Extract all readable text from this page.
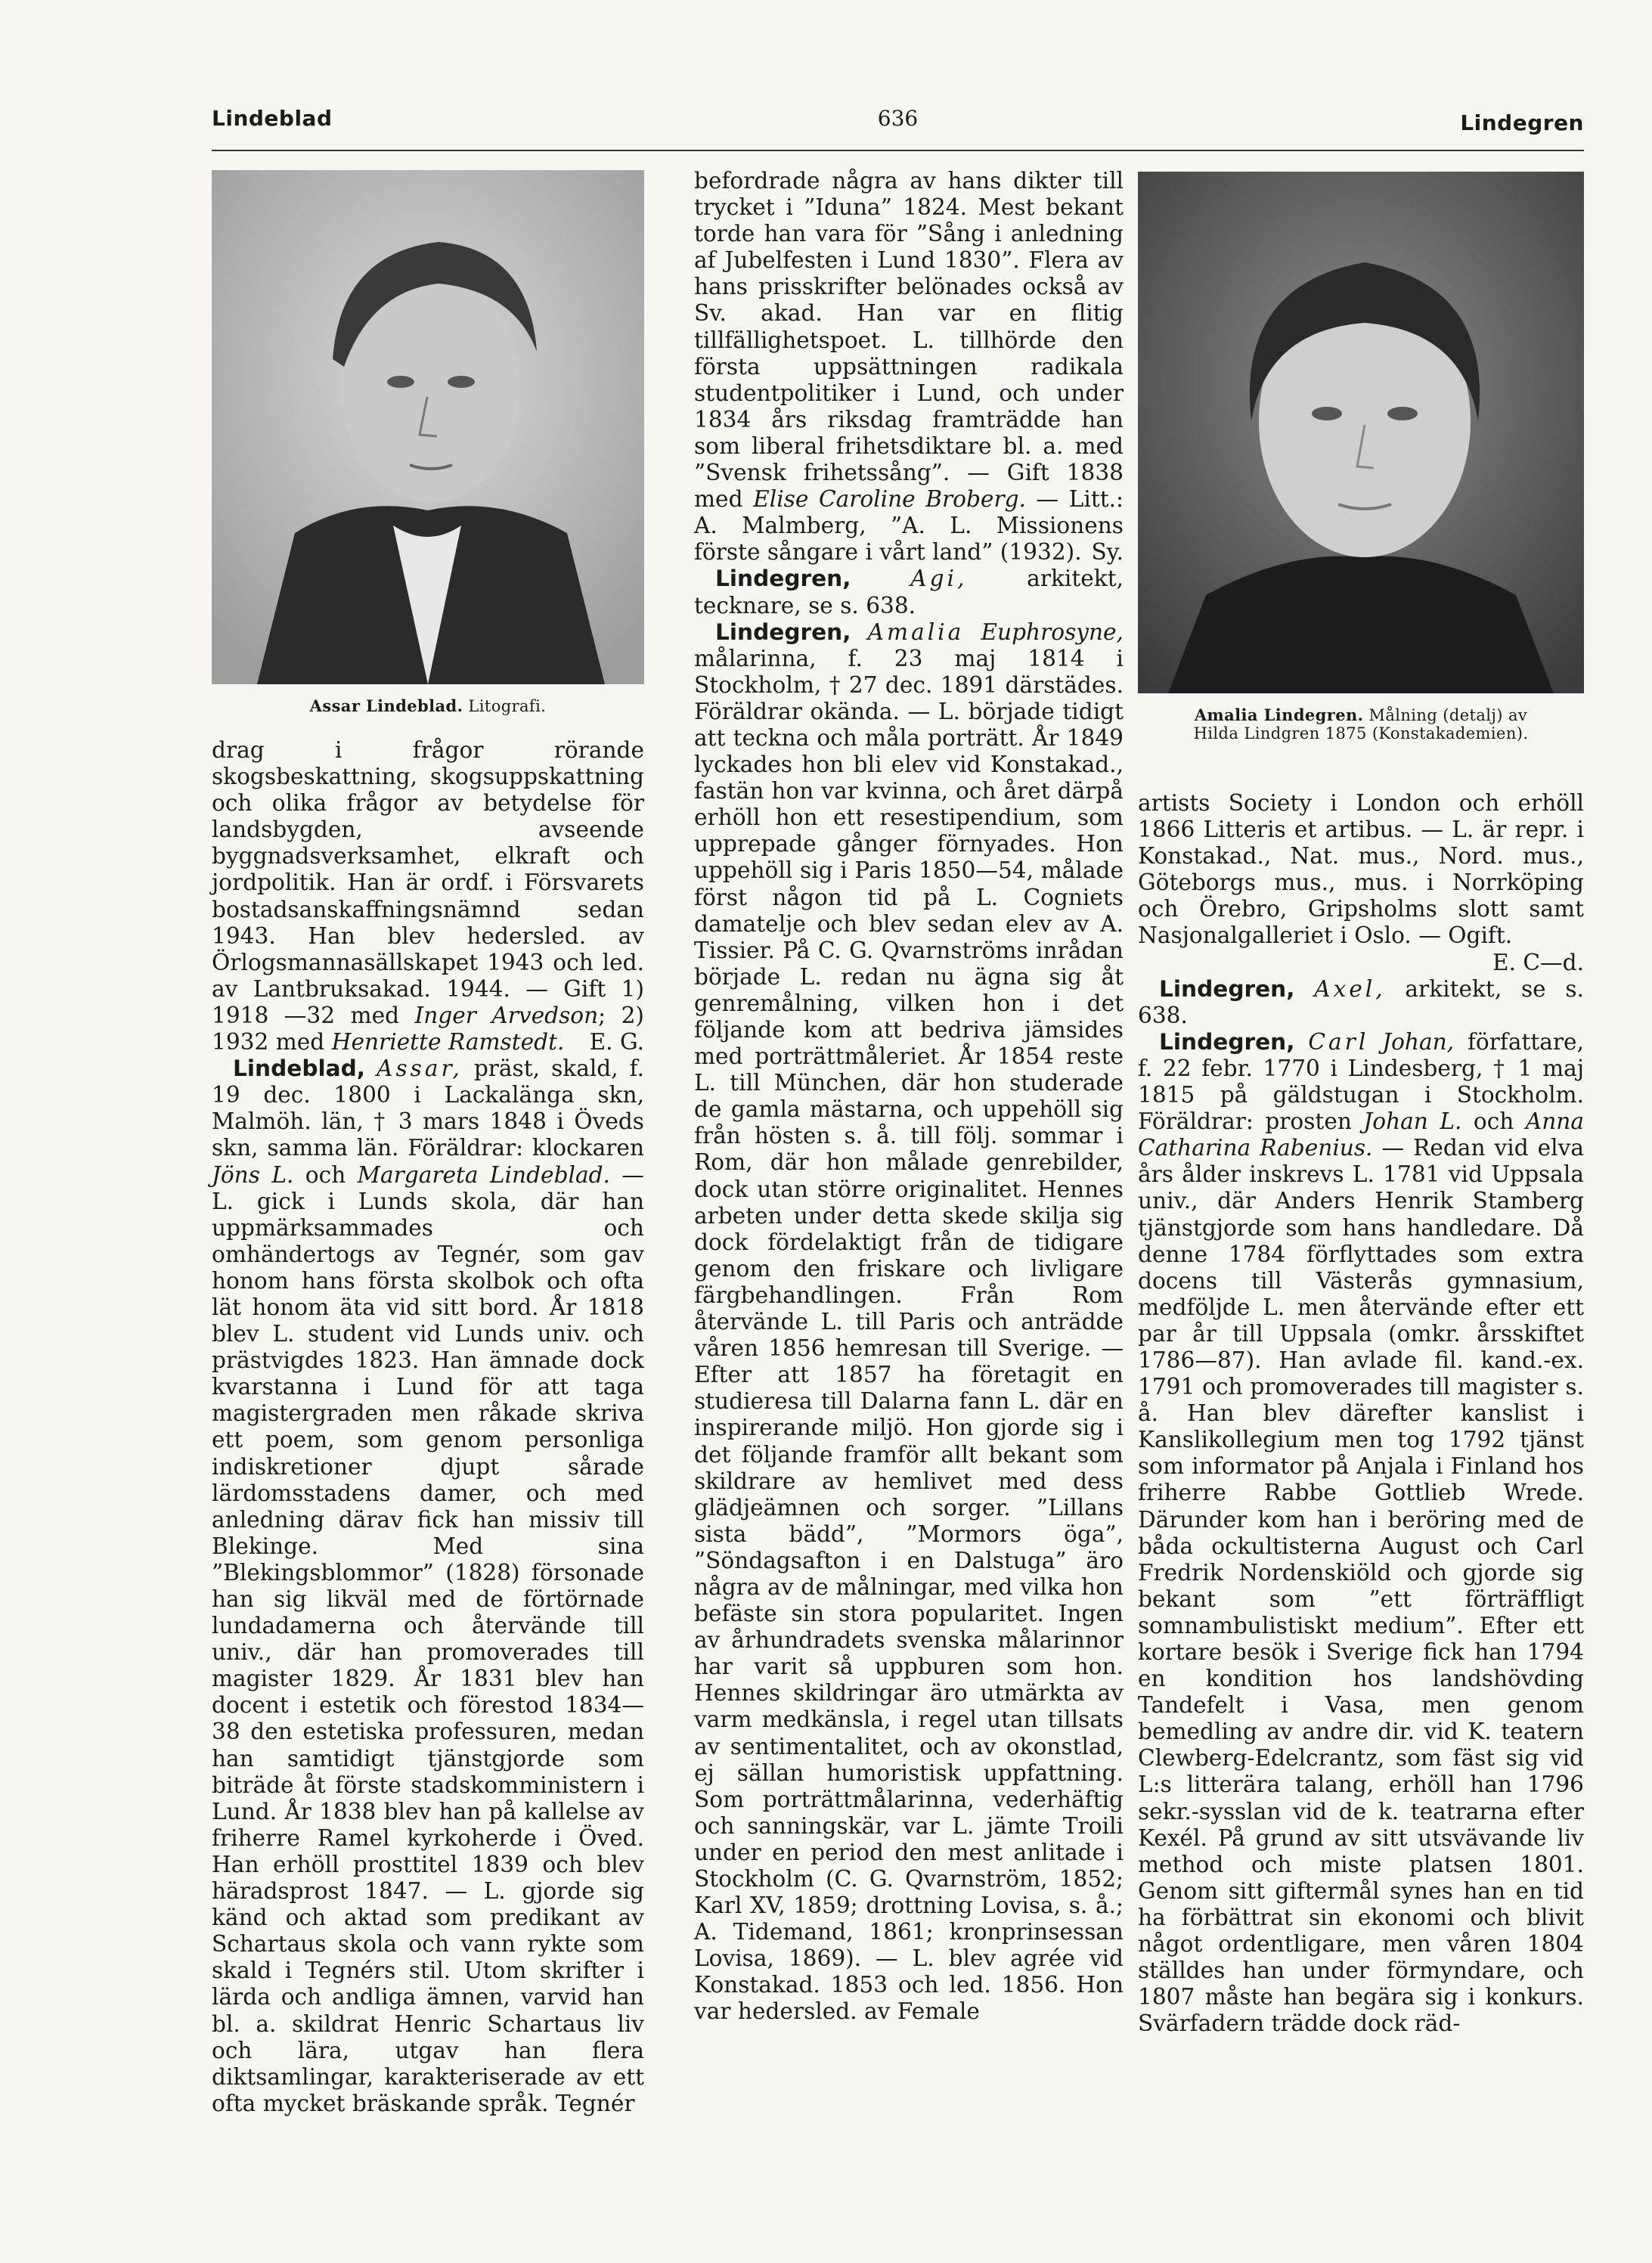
Lindeblad	636	Lindegren
Assar Lindeblad. Litografi.

drag i frågor rörande skogsbeskattning, skogsuppskattning och olika frågor av betydelse för landsbygden, avseende byggnadsverksamhet, elkraft och jordpolitik. Han är ordf. i Försvarets bostadsanskaffningsnämnd sedan 1943. Han blev hedersled. av Örlogsmannasällskapet 1943 och led. av Lantbruksakad. 1944. — Gift 1) 1918 —32 med Inger Arvedson; 2) 1932 med Henriette Ramstedt. E. G.

Lindeblad, Assar, präst, skald, f. 19 dec. 1800 i Lackalänga skn, Malmöh. län, † 3 mars 1848 i Öveds skn, samma län. Föräldrar: klockaren Jöns L. och Margareta Lindeblad. — L. gick i Lunds skola, där han uppmärksammades och omhändertogs av Tegnér, som gav honom hans första skolbok och ofta lät honom äta vid sitt bord. År 1818 blev L. student vid Lunds univ. och prästvigdes 1823. Han ämnade dock kvarstanna i Lund för att taga magistergraden men råkade skriva ett poem, som genom personliga indiskretioner djupt sårade lärdomsstadens damer, och med anledning därav fick han missiv till Blekinge. Med sina ”Blekingsblommor” (1828) försonade han sig likväl med de förtörnade lundadamerna och återvände till univ., där han promoverades till magister 1829. År 1831 blev han docent i estetik och förestod 1834—38 den estetiska professuren, medan han samtidigt tjänstgjorde som biträde åt förste stadskomministern i Lund. År 1838 blev han på kallelse av friherre Ramel kyrkoherde i Öved. Han erhöll prosttitel 1839 och blev häradsprost 1847. — L. gjorde sig känd och aktad som predikant av Schartaus skola och vann rykte som skald i Tegnérs stil. Utom skrifter i lärda och andliga ämnen, varvid han bl. a. skildrat Henric Schartaus liv och lära, utgav han flera diktsamlingar, karakteriserade av ett ofta mycket bräskande språk. Tegnér

befordrade några av hans dikter till trycket i ”Iduna” 1824. Mest bekant torde han vara för ”Sång i anledning af Jubelfesten i Lund 1830”. Flera av hans prisskrifter belönades också av Sv. akad. Han var en flitig tillfällighetspoet. L. tillhörde den första uppsättningen radikala studentpolitiker i Lund, och under 1834 års riksdag framträdde han som liberal frihetsdiktare bl. a. med ”Svensk frihetssång”. — Gift 1838 med Elise Caroline Broberg. — Litt.: A. Malmberg, ”A. L. Missionens förste sångare i vårt land” (1932). Sy.

Lindegren,	Agi,	arkitekt, tecknare, se s. 638.

Lindegren, Amalia Euphrosyne, målarinna, f. 23 maj 1814 i Stockholm, † 27 dec. 1891 därstädes. Föräldrar okända. — L. började tidigt att teckna och måla porträtt. År 1849 lyckades hon bli elev vid Konstakad., fastän hon var kvinna, och året därpå erhöll hon ett resestipendium, som upprepade gånger förnyades. Hon uppehöll sig i Paris 1850—54, målade först någon tid på L. Cogniets damatelje och blev sedan elev av A. Tissier. På C. G. Qvarnströms inrådan började L. redan nu ägna sig åt genremålning, vilken hon i det följande kom att bedriva jämsides med porträttmåleriet. År 1854 reste L. till München, där hon studerade de gamla mästarna, och uppehöll sig från hösten s. å. till följ. sommar i Rom, där hon målade genrebilder, dock utan större originalitet. Hennes arbeten under detta skede skilja sig dock fördelaktigt från de tidigare genom den friskare och livligare färgbehandlingen. Från Rom återvände L. till Paris och anträdde våren 1856 hemresan till Sverige. — Efter att 1857 ha företagit en studieresa till Dalarna fann L. där en inspirerande miljö. Hon gjorde sig i det följande framför allt bekant som skildrare av hemlivet med dess glädjeämnen och sorger. ”Lillans sista bädd”, ”Mormors öga”, ”Söndagsafton i en Dalstuga” äro några av de målningar, med vilka hon befäste sin stora popularitet. Ingen av århundradets svenska målarinnor har varit så uppburen som hon. Hennes skildringar äro utmärkta av varm medkänsla, i regel utan tillsats av sentimentalitet, och av okonstlad, ej sällan humoristisk uppfattning. Som porträttmålarinna, vederhäftig och sanningskär, var L. jämte Troili under en period den mest anlitade i Stockholm (C. G. Qvarnström, 1852; Karl XV, 1859; drottning Lovisa, s. å.; A. Tidemand, 1861; kronprinsessan Lovisa, 1869). — L. blev agrée vid Konstakad. 1853 och led. 1856. Hon var hedersled. av Female

Amalia Lindegren. Målning (detalj) av
Hilda Lindgren 1875 (Konstakademien).

artists Society i London och erhöll 1866 Litteris et artibus. — L. är repr. i Konstakad., Nat. mus., Nord. mus., Göteborgs mus., mus. i Norrköping och Örebro, Gripsholms slott samt Nasjonalgalleriet i Oslo. — Ogift.
E. C—d.

Lindegren, Axel, arkitekt, se s. 638.

Lindegren, Carl Johan, författare, f. 22 febr. 1770 i Lindesberg, † 1 maj 1815 på gäldstugan i Stockholm. Föräldrar: prosten Johan L. och Anna Catharina Rabenius. — Redan vid elva års ålder inskrevs L. 1781 vid Uppsala univ., där Anders Henrik Stamberg tjänstgjorde som hans handledare. Då denne 1784 förflyttades som extra docens till Västerås gymnasium, medföljde L. men återvände efter ett par år till Uppsala (omkr. årsskiftet 1786—87). Han avlade fil. kand.-ex. 1791 och promoverades till magister s. å. Han blev därefter kanslist i Kanslikollegium men tog 1792 tjänst som informator på Anjala i Finland hos friherre Rabbe Gottlieb Wrede. Därunder kom han i beröring med de båda ockultisterna August och Carl Fredrik Nordenskiöld och gjorde sig bekant som ”ett förträffligt somnambulistiskt medium”. Efter ett kortare besök i Sverige fick han 1794 en kondition hos landshövding Tandefelt i Vasa, men genom bemedling av andre dir. vid K. teatern Clewberg-Edelcrantz, som fäst sig vid L:s litterära talang, erhöll han 1796 sekr.-sysslan vid de k. teatrarna efter Kexél. På grund av sitt utsvävande liv method och miste platsen 1801. Genom sitt giftermål synes han en tid ha förbättrat sin ekonomi och blivit något ordentligare, men våren 1804 ställdes han under förmyndare, och 1807 måste han begära sig i konkurs. Svärfadern trädde dock räd-
